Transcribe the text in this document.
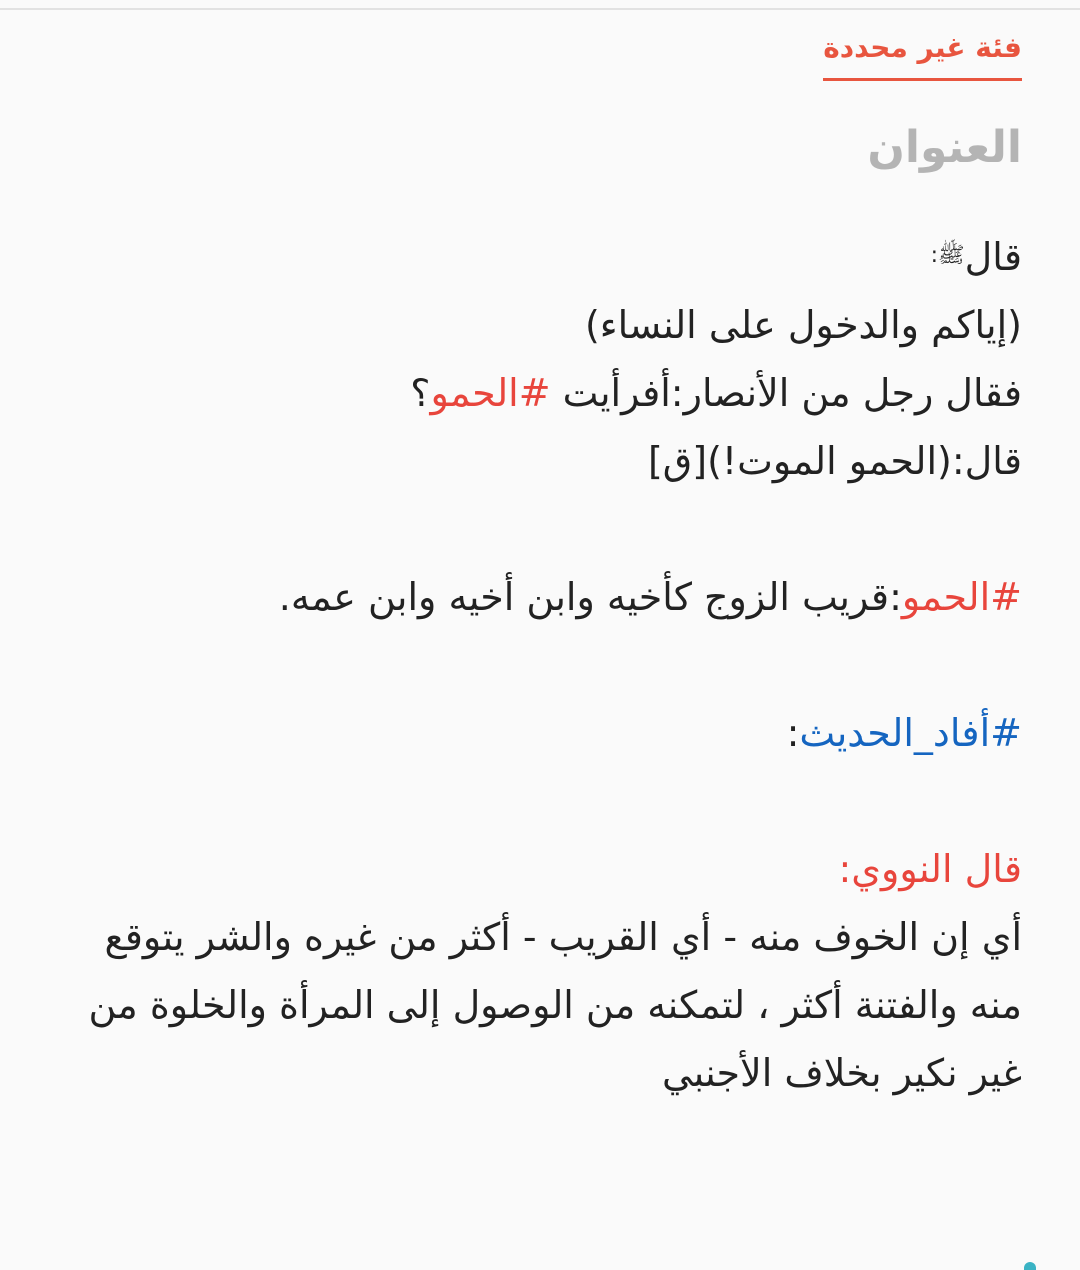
فئة غير محددة
العنوان
قال$^{ﷺ:}$
(إياكم والدخول على النساء)
فقال رجل من الأنصار:أفرأيت #الحمو؟
قال:(الحمو الموت!)[ق]
#الحمو:قريب الزوج كأخيه وابن أخيه وابن عمه.
#أفاد_الحديث:
قال النووي:
أي إن الخوف منه - أي القريب - أكثر من غيره والشر يتوقع منه والفتنة أكثر ، لتمكنه من الوصول إلى المرأة والخلوة من غير نكير بخلاف الأجنبي
